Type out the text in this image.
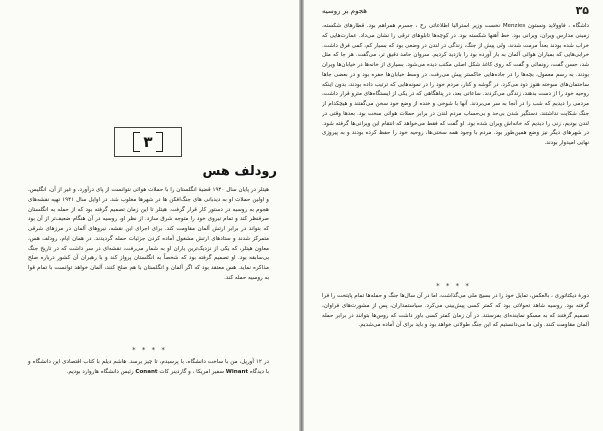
۳
رودلف هس
هیتلر در پایان سال ۱۹۴۰ قضیهٔ انگلستان را با حملات هوائی نتوانست از پای درآورد، و غیر از آن، انگلیس، و اولین حملات او به دیدبانی های جنگ‌افکن ها در شهرها مغلوب شد. در اوایل سال ۱۹۴۱ تهیه نقشه‌های هجوم به روسیه در دستور کار قرار گرفت. هیتلر تا این زمان تصمیم گرفته بود که از حمله به انگلستان صرفنظر کند و تمام نیروی خود را متوجه شرق سازد. از نظر او، روسیه در آن هنگام ضعیف‌تر از آن بود که بتواند در برابر ارتش آلمان مقاومت کند. برای اجرای این نقشه، نیروهای آلمان در مرزهای شرقی متمرکز شدند و ستادهای ارتش مشغول آماده کردن جزئیات حمله گردیدند. در همان ایام، رودلف هس، معاون هیتلر، که یکی از نزدیک‌ترین یاران او به شمار می‌رفت، نقشه‌ای در سر داشت که در تاریخ جنگ بی‌سابقه بود. او تصمیم گرفته بود که شخصاً به انگلستان پرواز کند و با رهبران آن کشور درباره صلح مذاکره نماید. هس معتقد بود که اگر آلمان و انگلستان با هم صلح کنند، آلمان خواهد توانست با تمام قوا به روسیه حمله کند.
* * * *
در ۱۲ آوریل، من با ساخت دانشگاه، با پرسیدم، تا چیز برسد. هاشم دیلم با کتاب اقتصادی این دانشگاه و با دیدگاه Winant سفیر امریکا ، و گاردینر کات Conant رئیس دانشگاه هاروارد بودیم.
۳۵
هجوم بر روسیه
داشگاه ، فاوولاید ونستون Menzies نخست وزیر استرالیا اطلاعاتی رخ ، جسرم همراهم بود. قطارهای شکسته، زمینی مدارس ویران، ویرانی بود. خط آهنها شکسته بود. در کوچه‌ها تابلوهای ترقی را نشان می‌داد. عمارت‌هایی که خراب شده بودند بعداً مرمت شدند. ولی پیش از جنگ، زندگی در لندن در وضعی بود که بسیار کم، کمی فرق داشت. خرابی‌هایی که بمباران هوائی آلمان به بار آورده بود را بازدید کردیم. سروان حامد دقیق تر، می‌گفت. هر جا که مثل شد، حسن گفت، رونمائی و گفت که روی کاغذ شکل اصلی مکتب دیده می‌شود. بسیاری از خانه‌ها در خیابان‌ها ویران بودند. به رسم معمول، بچه‌ها را در جاده‌هایی خاکستر پیش می‌رفت. در وسط خیابان‌ها حفره بود و در بعضی جاها ساختمان‌های سوخته هنوز دود می‌کرد. در گوشه و کنار، مردم خود را در نمونه‌هایی که ترتیب داده بودند، بدون اینکه روحیه خود را از دست بدهند، زندگی می‌کردند. ساعاتی بعد، در پناهگاهی که در یکی از ایستگاه‌های مترو قرار داشت، مردمی را دیدیم که شب را در آنجا به سر می‌بردند. آنها با شوخی و خنده از وضع خود سخن می‌گفتند و هیچکدام از جنگ شکایت نداشتند. دستگیر شدن بی‌حد و بی‌حساب مردم لندن در برابر حملات هوائی سخت بود. بعدها وقتی در لندن بودیم، زنی را دیدیم که خانه‌اش ویران شده بود. او گفت که فقط می‌خواهد که انتقام این ویرانی‌ها گرفته شود. در شهرهای دیگر نیز وضع همین‌طور بود. مردم با وجود همه سختی‌ها، روحیه خود را حفظ کرده بودند و به پیروزی نهایی امیدوار بودند.
دورهٔ دیکتاتوری ، بالعکس، تمایل خود را در بسیج ملی می‌گذاشت، اما در آن سال‌ها جنگ و حمله‌ها تمام پایتخت را فرا گرفته بود. روسیه شاهد تحولاتی بود که کمتر کسی پیش‌بینی می‌کرد. سیاستمداران، پس از مشورت‌های فراوان، تصمیم گرفتند که به مسکو نماینده‌ای بفرستند. در آن زمان کمتر کسی باور داشت که روس‌ها بتوانند در برابر حمله آلمان مقاومت کنند. ولی ما می‌دانستیم که این جنگ طولانی خواهد بود و باید برای آن آماده می‌شدیم.
* * * *
